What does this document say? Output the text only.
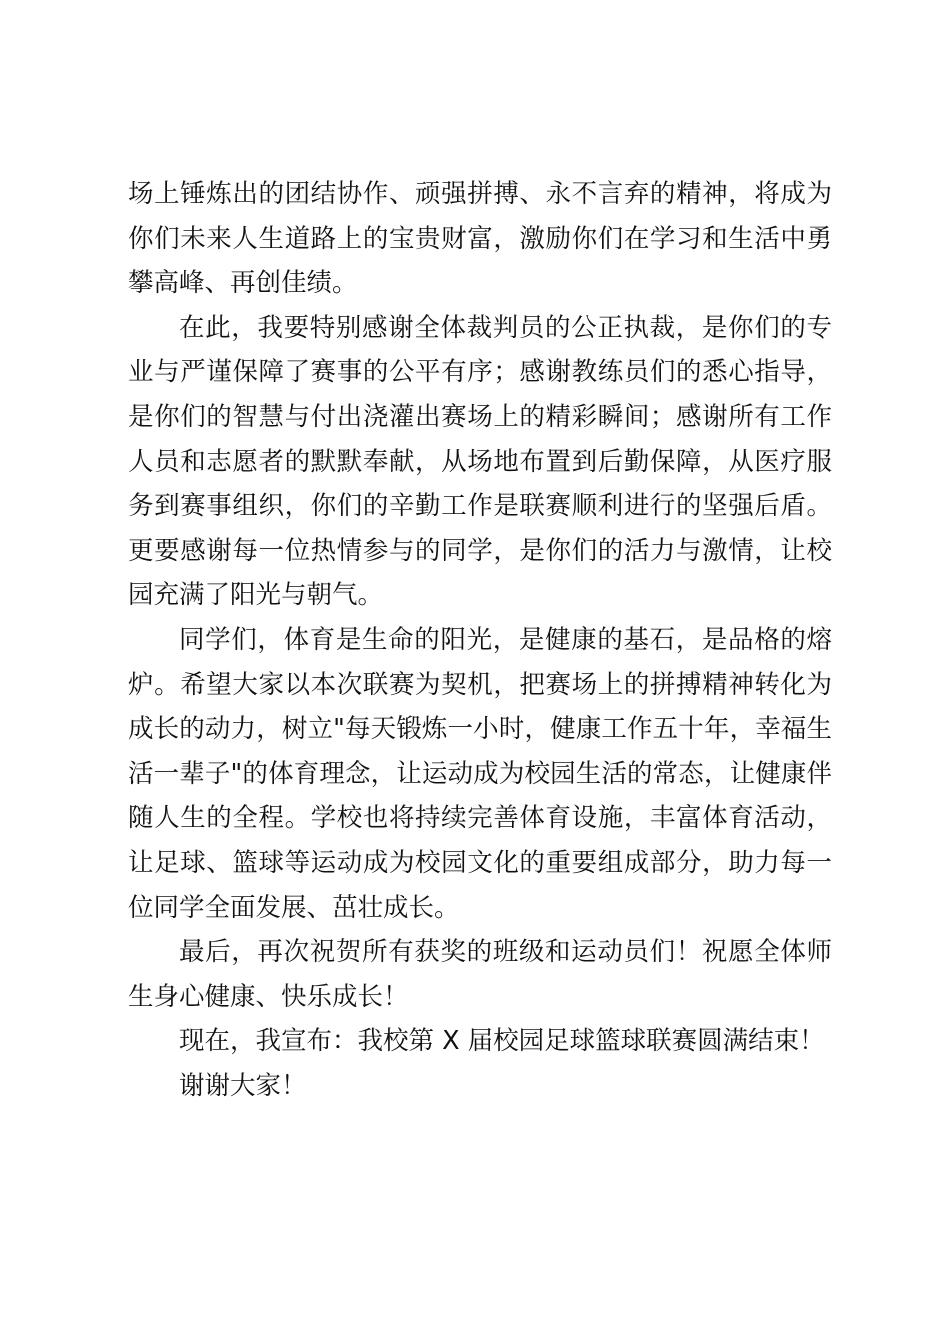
场上锤炼出的团结协作、顽强拼搏、永不言弃的精神，将成为你们未来人生道路上的宝贵财富，激励你们在学习和生活中勇攀高峰、再创佳绩。

在此，我要特别感谢全体裁判员的公正执裁，是你们的专业与严谨保障了赛事的公平有序；感谢教练员们的悉心指导，是你们的智慧与付出浇灌出赛场上的精彩瞬间；感谢所有工作人员和志愿者的默默奉献，从场地布置到后勤保障，从医疗服务到赛事组织，你们的辛勤工作是联赛顺利进行的坚强后盾。更要感谢每一位热情参与的同学，是你们的活力与激情，让校园充满了阳光与朝气。

同学们，体育是生命的阳光，是健康的基石，是品格的熔炉。希望大家以本次联赛为契机，把赛场上的拼搏精神转化为成长的动力，树立"每天锻炼一小时，健康工作五十年，幸福生活一辈子"的体育理念，让运动成为校园生活的常态，让健康伴随人生的全程。学校也将持续完善体育设施，丰富体育活动，让足球、篮球等运动成为校园文化的重要组成部分，助力每一位同学全面发展、茁壮成长。

最后，再次祝贺所有获奖的班级和运动员们！祝愿全体师生身心健康、快乐成长！

现在，我宣布：我校第 X 届校园足球篮球联赛圆满结束！

谢谢大家！
